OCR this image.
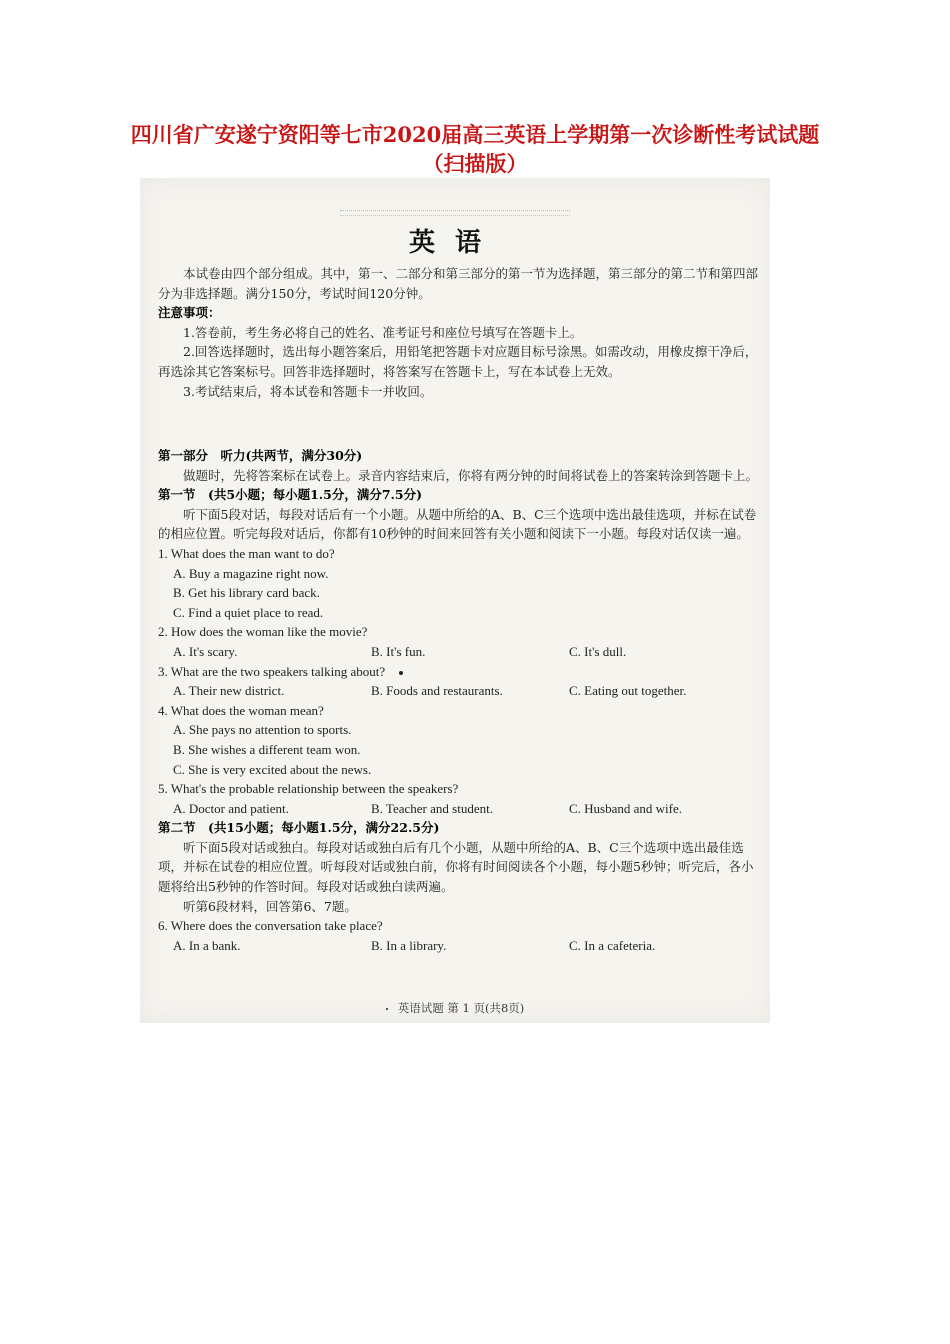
四川省广安遂宁资阳等七市2020届高三英语上学期第一次诊断性考试试题（扫描版）
英语

本试卷由四个部分组成。其中，第一、二部分和第三部分的第一节为选择题，第三部分的第二节和第四部分为非选择题。满分150分，考试时间120分钟。

注意事项：

1.答卷前，考生务必将自己的姓名、准考证号和座位号填写在答题卡上。

2.回答选择题时，选出每小题答案后，用铅笔把答题卡对应题目标号涂黑。如需改动，用橡皮擦干净后，再选涂其它答案标号。回答非选择题时，将答案写在答题卡上，写在本试卷上无效。

3.考试结束后，将本试卷和答题卡一并收回。

第一部分　听力(共两节，满分30分)

做题时，先将答案标在试卷上。录音内容结束后，你将有两分钟的时间将试卷上的答案转涂到答题卡上。

第一节　(共5小题；每小题1.5分，满分7.5分)

听下面5段对话，每段对话后有一个小题。从题中所给的A、B、C三个选项中选出最佳选项，并标在试卷的相应位置。听完每段对话后，你都有10秒钟的时间来回答有关小题和阅读下一小题。每段对话仅读一遍。

1. What does the man want to do?

A. Buy a magazine right now.

B. Get his library card back.

C. Find a quiet place to read.

2. How does the woman like the movie?

A. It's scary.	B. It's fun.	C. It's dull.

3. What are the two speakers talking about?

A. Their new district.	B. Foods and restaurants.	C. Eating out together.

4. What does the woman mean?

A. She pays no attention to sports.

B. She wishes a different team won.

C. She is very excited about the news.

5. What's the probable relationship between the speakers?

A. Doctor and patient.	B. Teacher and student.	C. Husband and wife.

第二节　(共15小题；每小题1.5分，满分22.5分)

听下面5段对话或独白。每段对话或独白后有几个小题，从题中所给的A、B、C三个选项中选出最佳选项，并标在试卷的相应位置。听每段对话或独白前，你将有时间阅读各个小题，每小题5秒钟；听完后，各小题将给出5秒钟的作答时间。每段对话或独白读两遍。

听第6段材料，回答第6、7题。

6. Where does the conversation take place?

A. In a bank.	B. In a library.	C. In a cafeteria.
英语试题 第 1 页(共8页)
